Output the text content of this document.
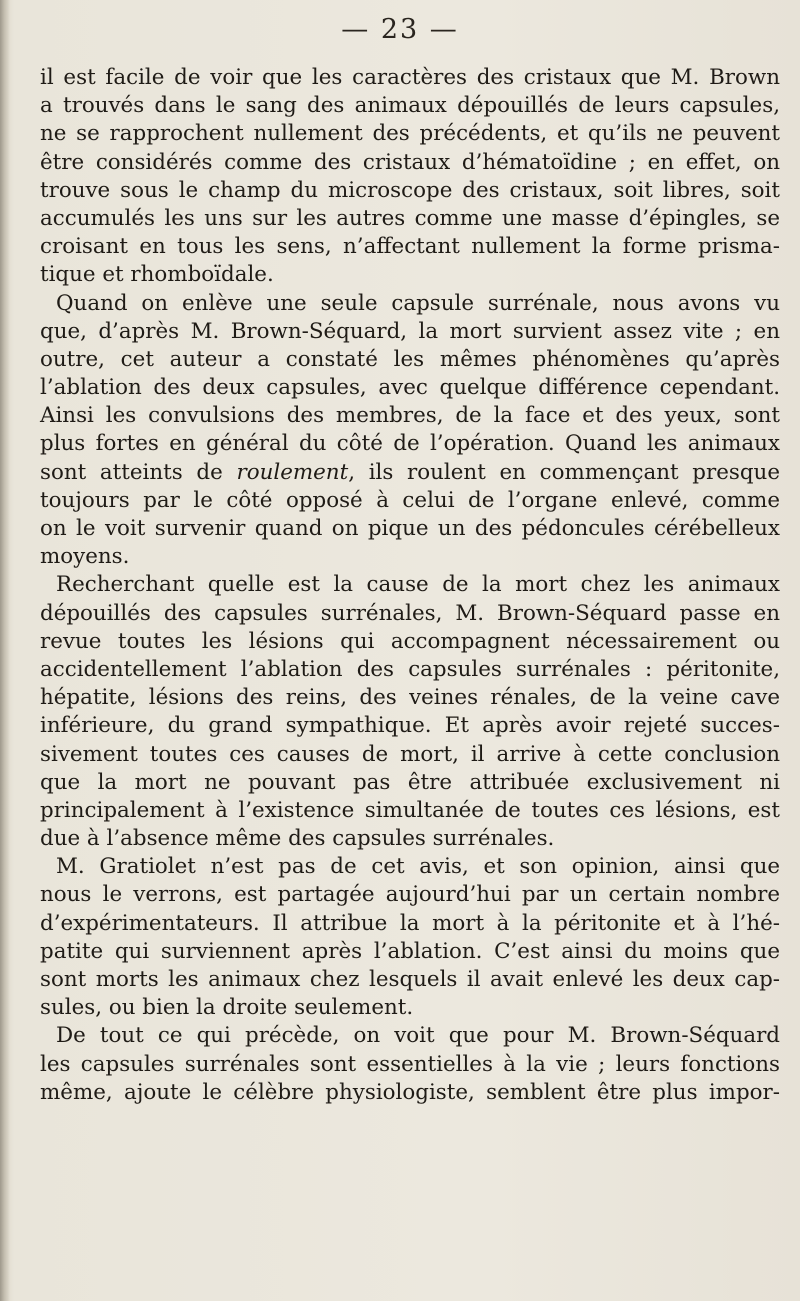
— 23 —
il est facile de voir que les caractères des cristaux que M. Brown
a trouvés dans le sang des animaux dépouillés de leurs capsules,
ne se rapprochent nullement des précédents, et qu’ils ne peuvent
être considérés comme des cristaux d’hématoïdine ; en effet, on
trouve sous le champ du microscope des cristaux, soit libres, soit
accumulés les uns sur les autres comme une masse d’épingles, se
croisant en tous les sens, n’affectant nullement la forme prisma-
tique et rhomboïdale.
Quand on enlève une seule capsule surrénale, nous avons vu
que, d’après M. Brown-Séquard, la mort survient assez vite ; en
outre, cet auteur a constaté les mêmes phénomènes qu’après
l’ablation des deux capsules, avec quelque différence cependant.
Ainsi les convulsions des membres, de la face et des yeux, sont
plus fortes en général du côté de l’opération. Quand les animaux
sont atteints de roulement, ils roulent en commençant presque
toujours par le côté opposé à celui de l’organe enlevé, comme
on le voit survenir quand on pique un des pédoncules cérébelleux
moyens.
Recherchant quelle est la cause de la mort chez les animaux
dépouillés des capsules surrénales, M. Brown-Séquard passe en
revue toutes les lésions qui accompagnent nécessairement ou
accidentellement l’ablation des capsules surrénales : péritonite,
hépatite, lésions des reins, des veines rénales, de la veine cave
inférieure, du grand sympathique. Et après avoir rejeté succes-
sivement toutes ces causes de mort, il arrive à cette conclusion
que la mort ne pouvant pas être attribuée exclusivement ni
principalement à l’existence simultanée de toutes ces lésions, est
due à l’absence même des capsules surrénales.
M. Gratiolet n’est pas de cet avis, et son opinion, ainsi que
nous le verrons, est partagée aujourd’hui par un certain nombre
d’expérimentateurs. Il attribue la mort à la péritonite et à l’hé-
patite qui surviennent après l’ablation. C’est ainsi du moins que
sont morts les animaux chez lesquels il avait enlevé les deux cap-
sules, ou bien la droite seulement.
De tout ce qui précède, on voit que pour M. Brown-Séquard
les capsules surrénales sont essentielles à la vie ; leurs fonctions
même, ajoute le célèbre physiologiste, semblent être plus impor-
